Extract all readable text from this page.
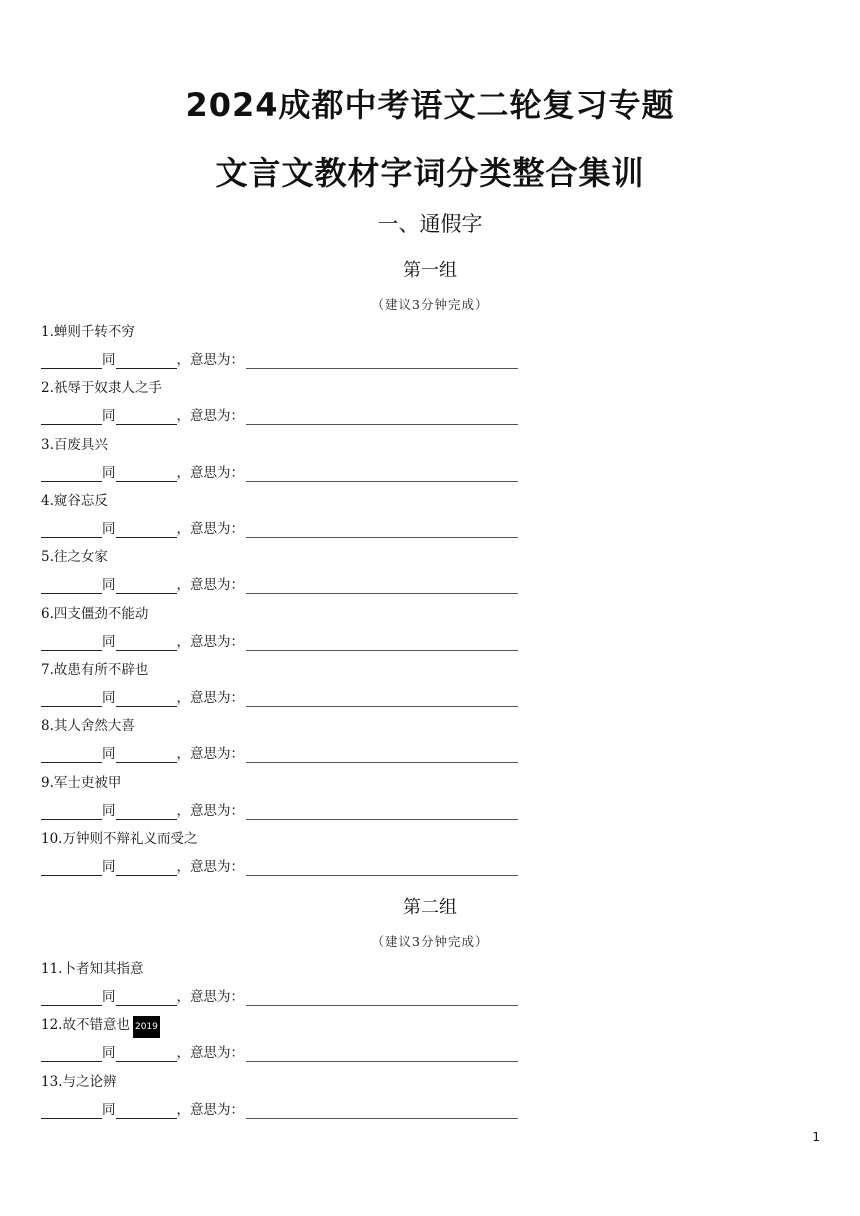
2024成都中考语文二轮复习专题
文言文教材字词分类整合集训
一、通假字
第一组
（建议3分钟完成）
1.蝉则千转不穷
同	，意思为：
2.祇辱于奴隶人之手
同	，意思为：
3.百废具兴
同	，意思为：
4.窥谷忘反
同	，意思为：
5.往之女家
同	，意思为：
6.四支僵劲不能动
同	，意思为：
7.故患有所不辟也
同	，意思为：
8.其人舍然大喜
同	，意思为：
9.军士吏被甲
同	，意思为：
10.万钟则不辩礼义而受之
同	，意思为：
第二组
（建议3分钟完成）
11.卜者知其指意
同	，意思为：
12.故不错意也 2019
同	，意思为：
13.与之论辨
同	，意思为：
1
